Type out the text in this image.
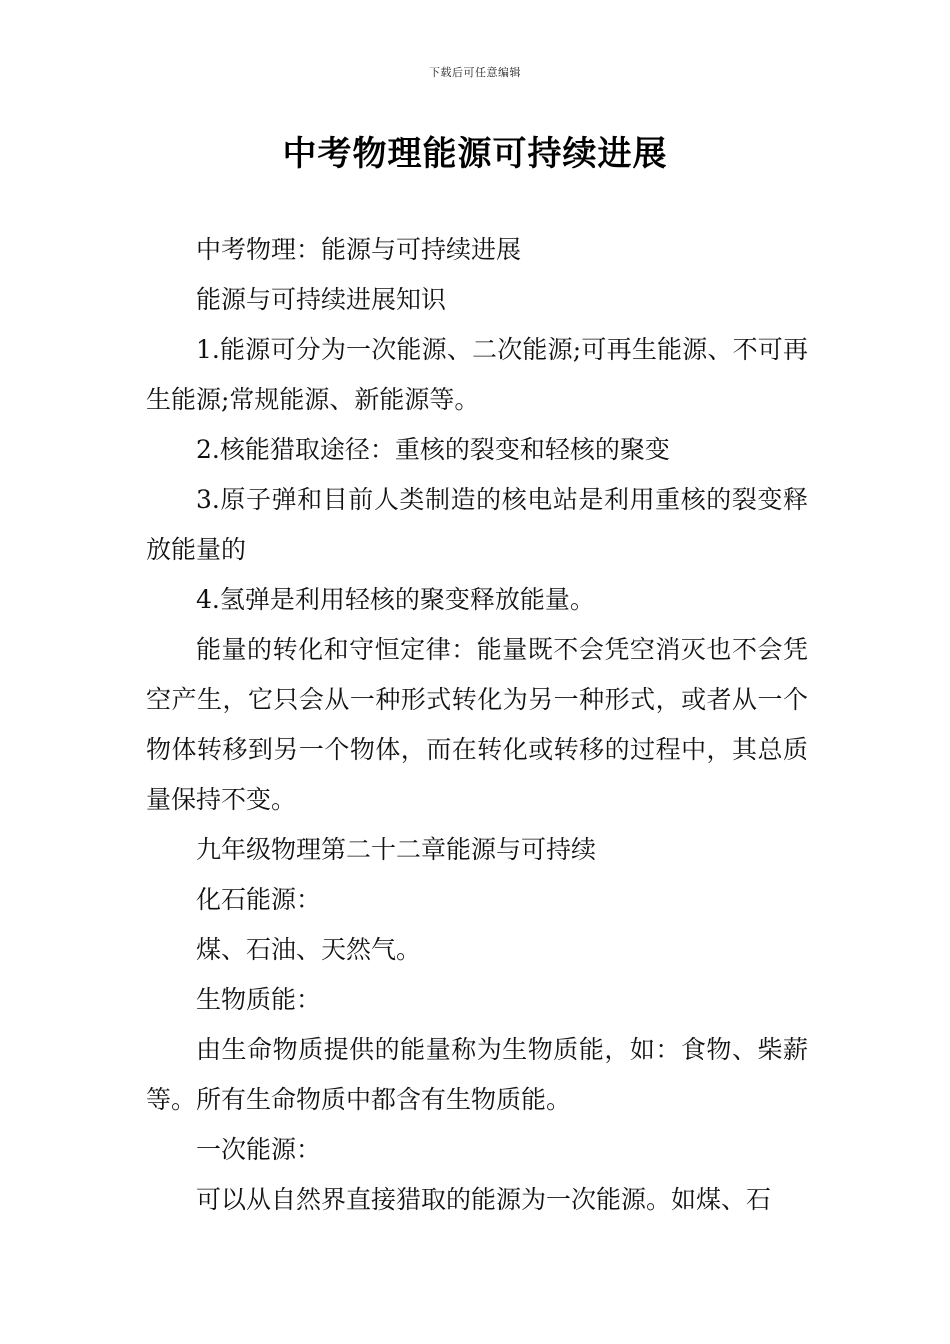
下载后可任意编辑
中考物理能源可持续进展

中考物理：能源与可持续进展

能源与可持续进展知识

1.能源可分为一次能源、二次能源;可再生能源、不可再生能源;常规能源、新能源等。

2.核能猎取途径：重核的裂变和轻核的聚变

3.原子弹和目前人类制造的核电站是利用重核的裂变释放能量的

4.氢弹是利用轻核的聚变释放能量。

能量的转化和守恒定律：能量既不会凭空消灭也不会凭空产生，它只会从一种形式转化为另一种形式，或者从一个物体转移到另一个物体，而在转化或转移的过程中，其总质量保持不变。

九年级物理第二十二章能源与可持续

化石能源：

煤、石油、天然气。

生物质能：

由生命物质提供的能量称为生物质能，如：食物、柴薪等。所有生命物质中都含有生物质能。

一次能源：

可以从自然界直接猎取的能源为一次能源。如煤、石
